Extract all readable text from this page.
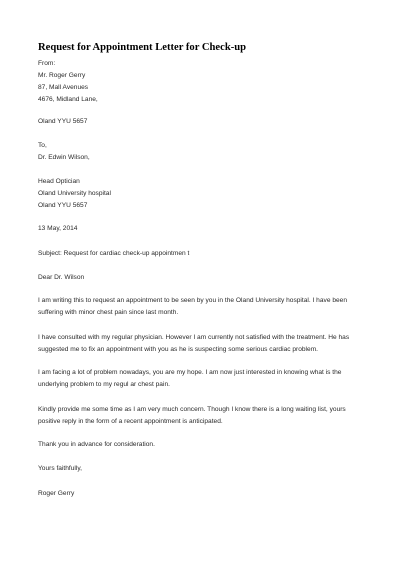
Request for Appointment Letter for Check-up
From:
Mr. Roger Gerry
87, Mall Avenues
4676, Midland Lane,
Oland YYU 5657
To,
Dr. Edwin Wilson,
Head Optician
Oland University hospital
Oland YYU 5657
13 May, 2014
Subject: Request for cardiac check-up appointmen t
Dear Dr. Wilson
I am writing this to request an appointment to be seen by you in the Oland University hospital. I have been
suffering with minor chest pain since last month.
I have consulted with my regular physician. However I am currently not satisfied with the treatment. He has
suggested me to fix an appointment with you as he is suspecting some serious cardiac problem.
I am facing a lot of problem nowadays, you are my hope. I am now just interested in knowing what is the
underlying problem to my regul ar chest pain.
Kindly provide me some time as I am very much concern. Though I know there is a long waiting list, yours
positive reply in the form of a recent appointment is anticipated.
Thank you in advance for consideration.
Yours faithfully,
Roger Gerry
